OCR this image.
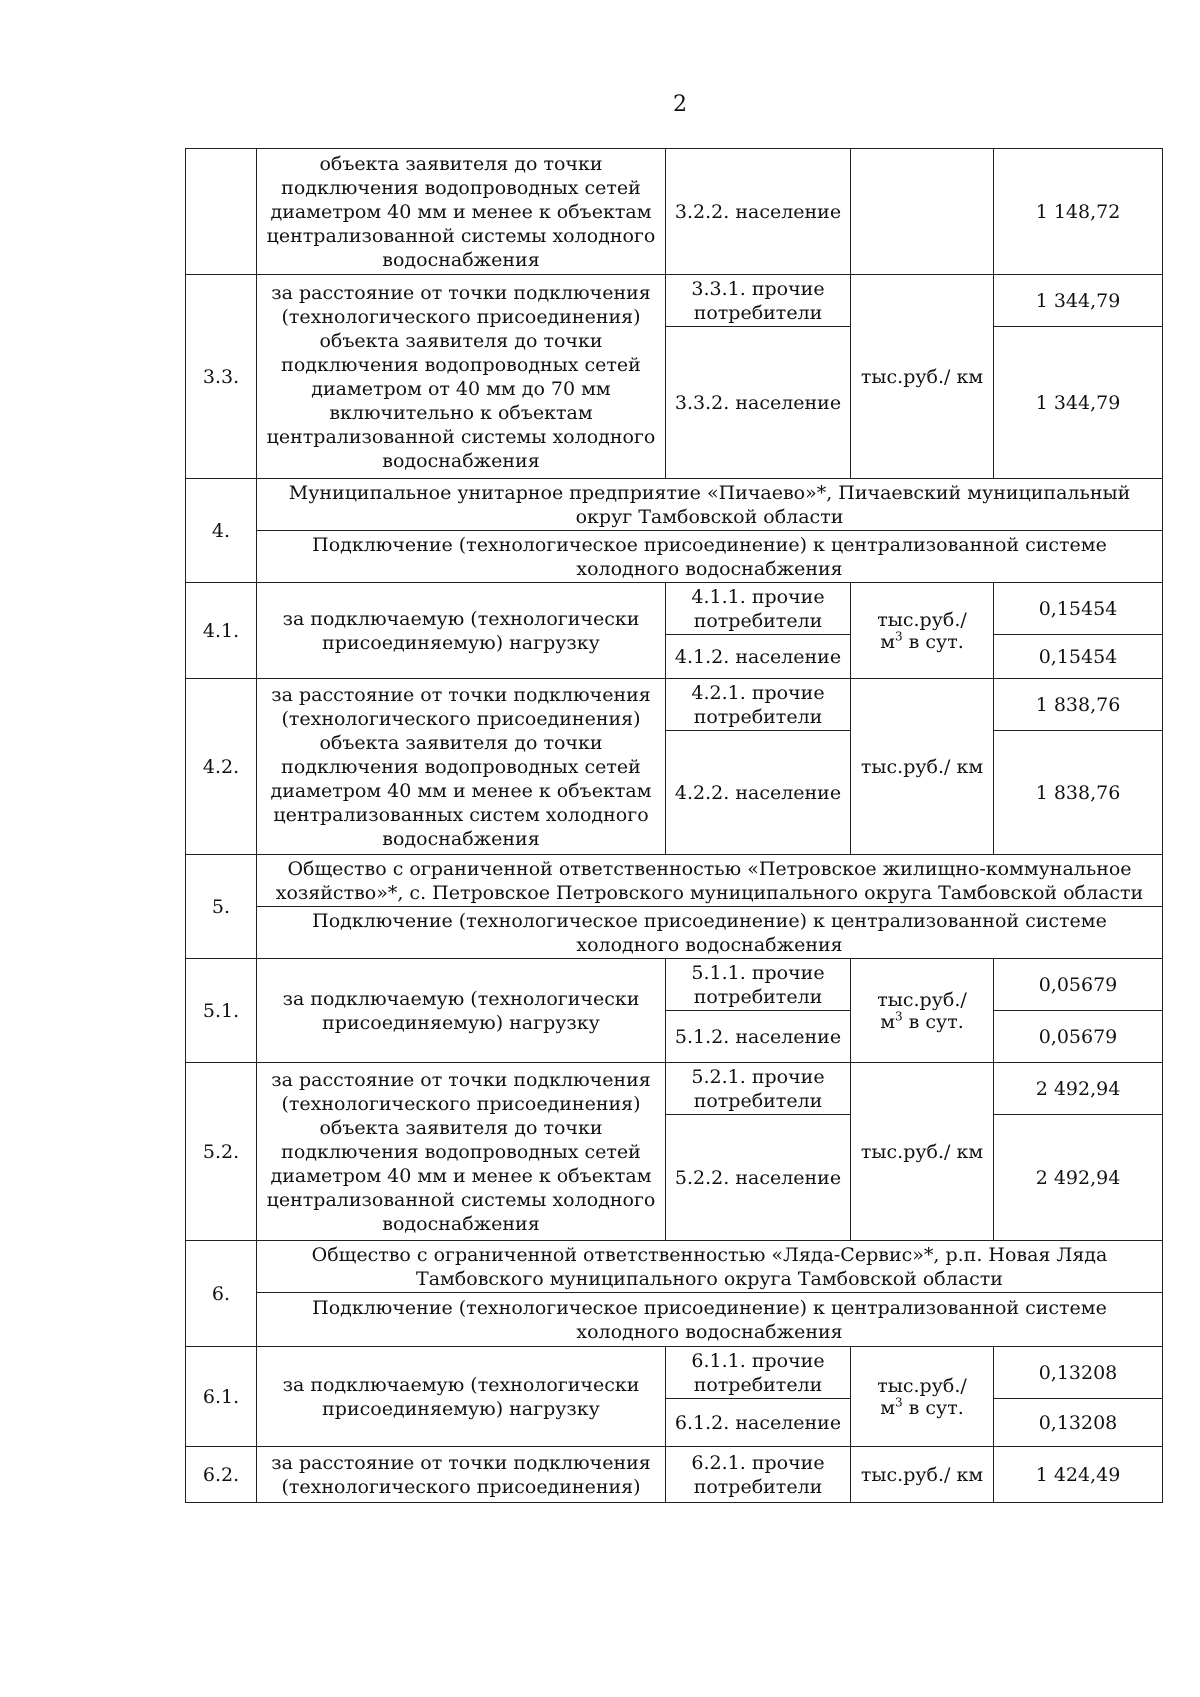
2
	объекта заявителя до точки подключения водопроводных сетей диаметром 40 мм и менее к объектам централизованной системы холодного водоснабжения	3.2.2. население		1 148,72
3.3.	за расстояние от точки подключения (технологического присоединения) объекта заявителя до точки подключения водопроводных сетей диаметром от 40 мм до 70 мм включительно к объектам централизованной системы холодного водоснабжения	3.3.1. прочие потребители	тыс.руб./ км	1 344,79
		3.3.2. население		1 344,79
4.	Муниципальное унитарное предприятие «Пичаево»*, Пичаевский муниципальный округ Тамбовской области			
	Подключение (технологическое присоединение) к централизованной системе холодного водоснабжения			
4.1.	за подключаемую (технологически присоединяемую) нагрузку	4.1.1. прочие потребители	тыс.руб./
$м^3$ в сут.	0,15454
		4.1.2. население		0,15454
4.2.	за расстояние от точки подключения (технологического присоединения) объекта заявителя до точки подключения водопроводных сетей диаметром 40 мм и менее к объектам централизованных систем холодного водоснабжения	4.2.1. прочие потребители	тыс.руб./ км	1 838,76
		4.2.2. население		1 838,76
5.	Общество с ограниченной ответственностью «Петровское жилищно-коммунальное хозяйство»*, с. Петровское Петровского муниципального округа Тамбовской области			
	Подключение (технологическое присоединение) к централизованной системе холодного водоснабжения			
5.1.	за подключаемую (технологически присоединяемую) нагрузку	5.1.1. прочие потребители	тыс.руб./
$м^3$ в сут.	0,05679
		5.1.2. население		0,05679
5.2.	за расстояние от точки подключения (технологического присоединения) объекта заявителя до точки подключения водопроводных сетей диаметром 40 мм и менее к объектам централизованной системы холодного водоснабжения	5.2.1. прочие потребители	тыс.руб./ км	2 492,94
		5.2.2. население		2 492,94
6.	Общество с ограниченной ответственностью «Ляда-Сервис»*, р.п. Новая Ляда Тамбовского муниципального округа Тамбовской области			
	Подключение (технологическое присоединение) к централизованной системе холодного водоснабжения			
6.1.	за подключаемую (технологически присоединяемую) нагрузку	6.1.1. прочие потребители	тыс.руб./
$м^3$ в сут.	0,13208
		6.1.2. население		0,13208
6.2.	за расстояние от точки подключения (технологического присоединения)	6.2.1. прочие потребители	тыс.руб./ км	1 424,49
